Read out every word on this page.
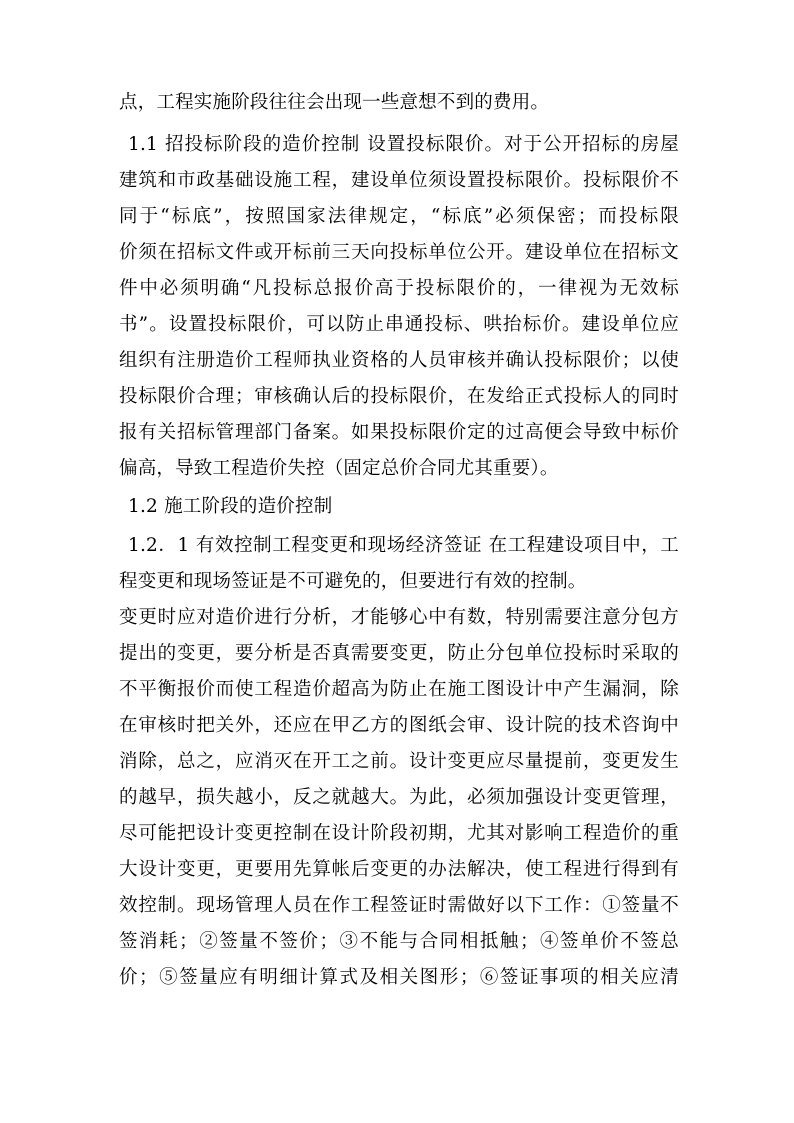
点，工程实施阶段往往会出现一些意想不到的费用。
1.1 招投标阶段的造价控制 设置投标限价。对于公开招标的房屋
建筑和市政基础设施工程，建设单位须设置投标限价。投标限价不
同于“标底”，按照国家法律规定，“标底”必须保密；而投标限
价须在招标文件或开标前三天向投标单位公开。建设单位在招标文
件中必须明确“凡投标总报价高于投标限价的，一律视为无效标
书”。设置投标限价，可以防止串通投标、哄抬标价。建设单位应
组织有注册造价工程师执业资格的人员审核并确认投标限价；以使
投标限价合理；审核确认后的投标限价，在发给正式投标人的同时
报有关招标管理部门备案。如果投标限价定的过高便会导致中标价
偏高，导致工程造价失控（固定总价合同尤其重要）。
1.2 施工阶段的造价控制
1.2．1 有效控制工程变更和现场经济签证 在工程建设项目中，工
程变更和现场签证是不可避免的，但要进行有效的控制。
变更时应对造价进行分析，才能够心中有数，特别需要注意分包方
提出的变更，要分析是否真需要变更，防止分包单位投标时采取的
不平衡报价而使工程造价超高为防止在施工图设计中产生漏洞，除
在审核时把关外，还应在甲乙方的图纸会审、设计院的技术咨询中
消除，总之，应消灭在开工之前。设计变更应尽量提前，变更发生
的越早，损失越小，反之就越大。为此，必须加强设计变更管理，
尽可能把设计变更控制在设计阶段初期，尤其对影响工程造价的重
大设计变更，更要用先算帐后变更的办法解决，使工程进行得到有
效控制。现场管理人员在作工程签证时需做好以下工作：①签量不
签消耗；②签量不签价；③不能与合同相抵触；④签单价不签总
价；⑤签量应有明细计算式及相关图形；⑥签证事项的相关应清
